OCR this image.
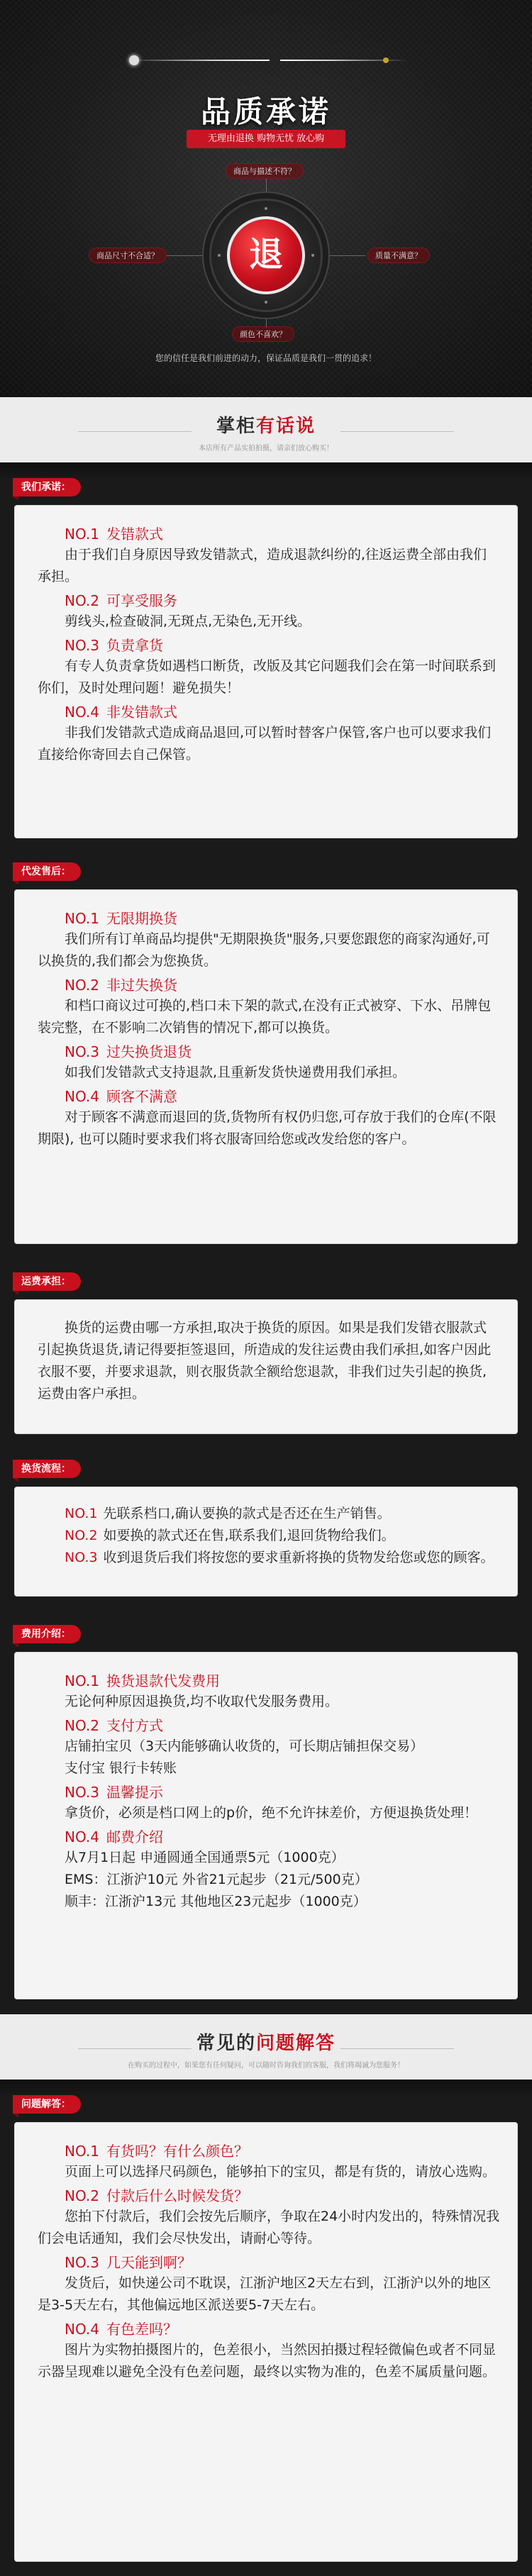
品质承诺
无理由退换 购物无忧 放心购
商品与描述不符？
商品尺寸不合适？	质量不满意？
颜色不喜欢？
退
您的信任是我们前进的动力，保证品质是我们一贯的追求！
掌柜有话说
本店所有产品实拍拍摄，请亲们放心购买！
我们承诺：
NO.1 发错款式
由于我们自身原因导致发错款式，造成退款纠纷的,往返运费全部由我们承担。
NO.2 可享受服务
剪线头,检查破洞,无斑点,无染色,无开线。
NO.3 负责拿货
有专人负责拿货如遇档口断货，改版及其它问题我们会在第一时间联系到你们，及时处理问题！避免损失！
NO.4 非发错款式
非我们发错款式造成商品退回,可以暂时替客户保管,客户也可以要求我们直接给你寄回去自己保管。
代发售后：
NO.1 无限期换货
我们所有订单商品均提供"无期限换货"服务,只要您跟您的商家沟通好,可以换货的,我们都会为您换货。
NO.2 非过失换货
和档口商议过可换的,档口未下架的款式,在没有正式被穿、下水、吊牌包装完整，在不影响二次销售的情况下,都可以换货。
NO.3 过失换货退货
如我们发错款式支持退款,且重新发货快递费用我们承担。
NO.4 顾客不满意
对于顾客不满意而退回的货,货物所有权仍归您,可存放于我们的仓库(不限期限), 也可以随时要求我们将衣服寄回给您或改发给您的客户。
运费承担：
换货的运费由哪一方承担,取决于换货的原因。如果是我们发错衣服款式引起换货退货,请记得要拒签退回，所造成的发往运费由我们承担,如客户因此衣服不要，并要求退款，则衣服货款全额给您退款，非我们过失引起的换货,运费由客户承担。
换货流程：
NO.1 先联系档口,确认要换的款式是否还在生产销售。
NO.2 如要换的款式还在售,联系我们,退回货物给我们。
NO.3 收到退货后我们将按您的要求重新将换的货物发给您或您的顾客。
费用介绍：
NO.1 换货退款代发费用
无论何种原因退换货,均不收取代发服务费用。
NO.2 支付方式
店铺拍宝贝（3天内能够确认收货的，可长期店铺担保交易）
支付宝 银行卡转账
NO.3 温馨提示
拿货价，必须是档口网上的p价，绝不允许抹差价，方便退换货处理！
NO.4 邮费介绍
从7月1日起 申通圆通全国通票5元（1000克）
EMS：江浙沪10元 外省21元起步（21元/500克）
顺丰：江浙沪13元 其他地区23元起步（1000克）
常见的问题解答
在购买的过程中，如果您有任何疑问，可以随时咨询我们的客服，我们将竭诚为您服务！
问题解答：
NO.1 有货吗？有什么颜色？
页面上可以选择尺码颜色，能够拍下的宝贝，都是有货的，请放心选购。
NO.2 付款后什么时候发货？
您拍下付款后，我们会按先后顺序，争取在24小时内发出的，特殊情况我们会电话通知，我们会尽快发出，请耐心等待。
NO.3 几天能到啊？
发货后，如快递公司不耽误，江浙沪地区2天左右到，江浙沪以外的地区是3-5天左右，其他偏远地区派送要5-7天左右。
NO.4 有色差吗？
图片为实物拍摄图片的，色差很小，当然因拍摄过程轻微偏色或者不同显示器呈现难以避免全没有色差问题，最终以实物为准的，色差不属质量问题。
